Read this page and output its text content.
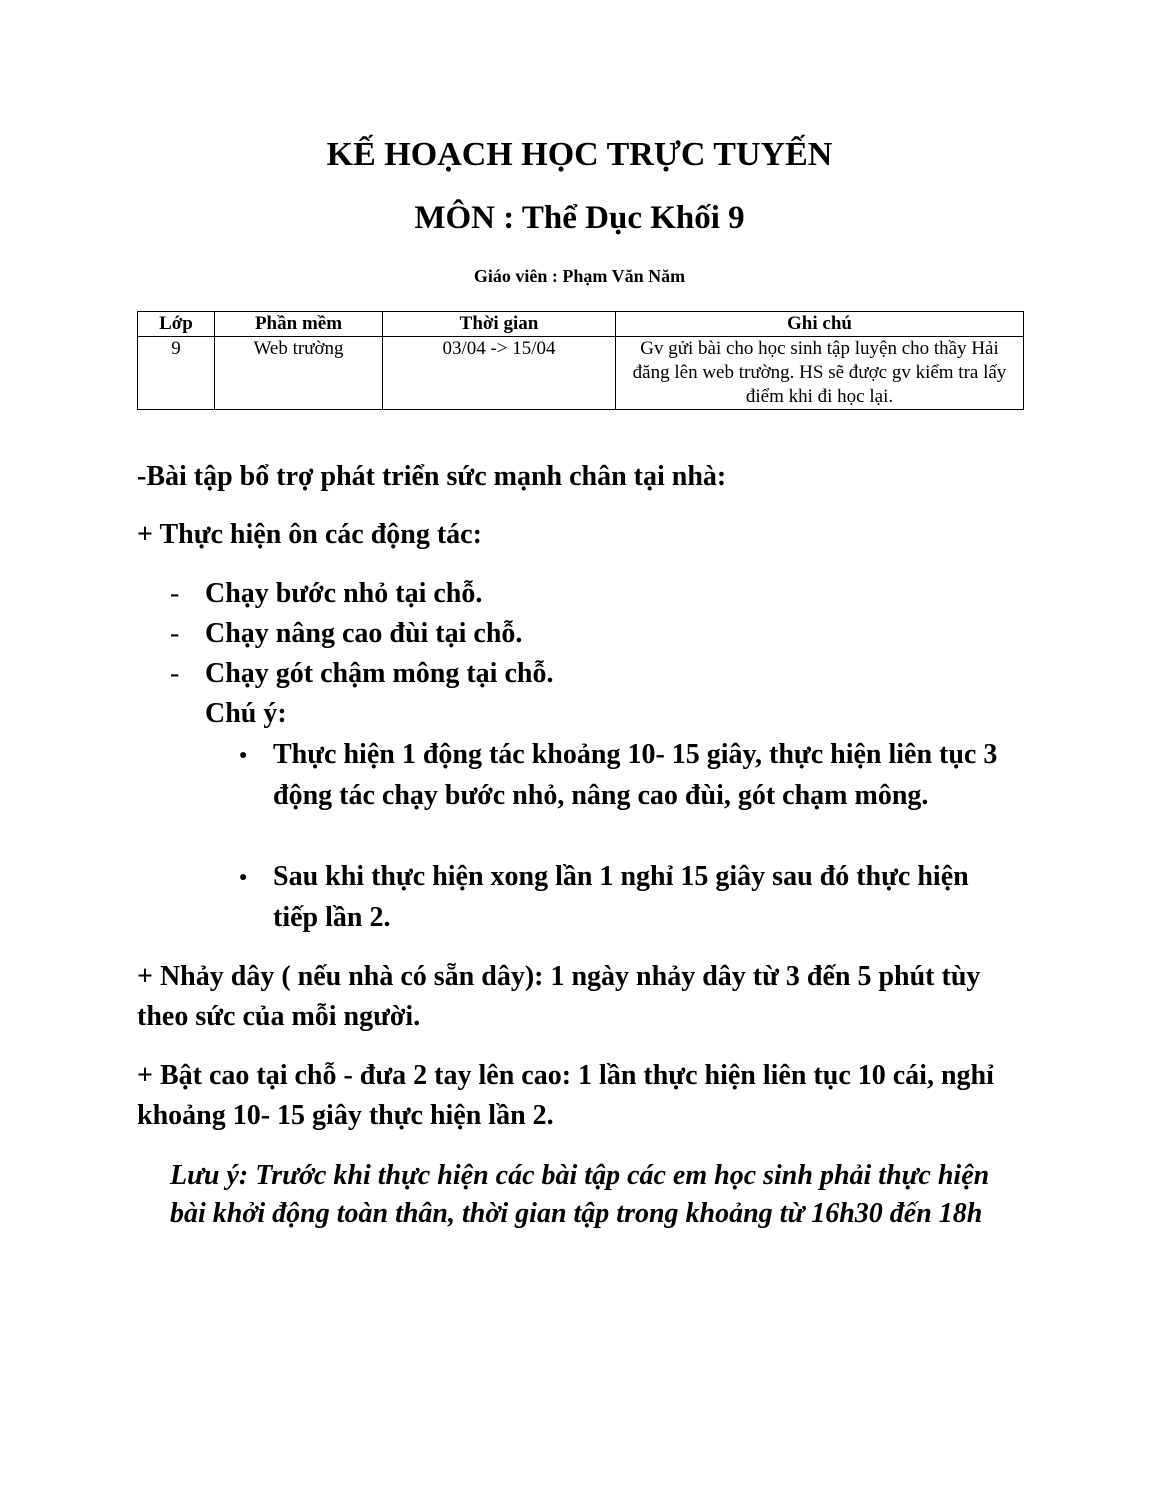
KẾ HOẠCH HỌC TRỰC TUYẾN
MÔN : Thể Dục Khối 9
Giáo viên : Phạm Văn Năm
Lớp	Phần mềm	Thời gian	Ghi chú
9	Web trường	03/04 -> 15/04	Gv gửi bài cho học sinh tập luyện cho thầy Hải đăng lên web trường. HS sẽ được gv kiểm tra lấy điểm khi đi học lại.
-Bài tập bổ trợ phát triển sức mạnh chân tại nhà:
+ Thực hiện ôn các động tác:
- Chạy bước nhỏ tại chỗ.
- Chạy nâng cao đùi tại chỗ.
- Chạy gót chậm mông tại chỗ.
Chú ý:
● Thực hiện 1 động tác khoảng 10- 15 giây, thực hiện liên tục 3 động tác chạy bước nhỏ, nâng cao đùi, gót chạm mông.
● Sau khi thực hiện xong lần 1 nghỉ 15 giây sau đó thực hiện tiếp lần 2.
+ Nhảy dây ( nếu nhà có sẵn dây): 1 ngày nhảy dây từ 3 đến 5 phút tùy theo sức của mỗi người.
+ Bật cao tại chỗ - đưa 2 tay lên cao: 1 lần thực hiện liên tục 10 cái, nghỉ khoảng 10- 15 giây thực hiện lần 2.
Lưu ý: Trước khi thực hiện các bài tập các em học sinh phải thực hiện bài khởi động toàn thân, thời gian tập trong khoảng từ 16h30 đến 18h
